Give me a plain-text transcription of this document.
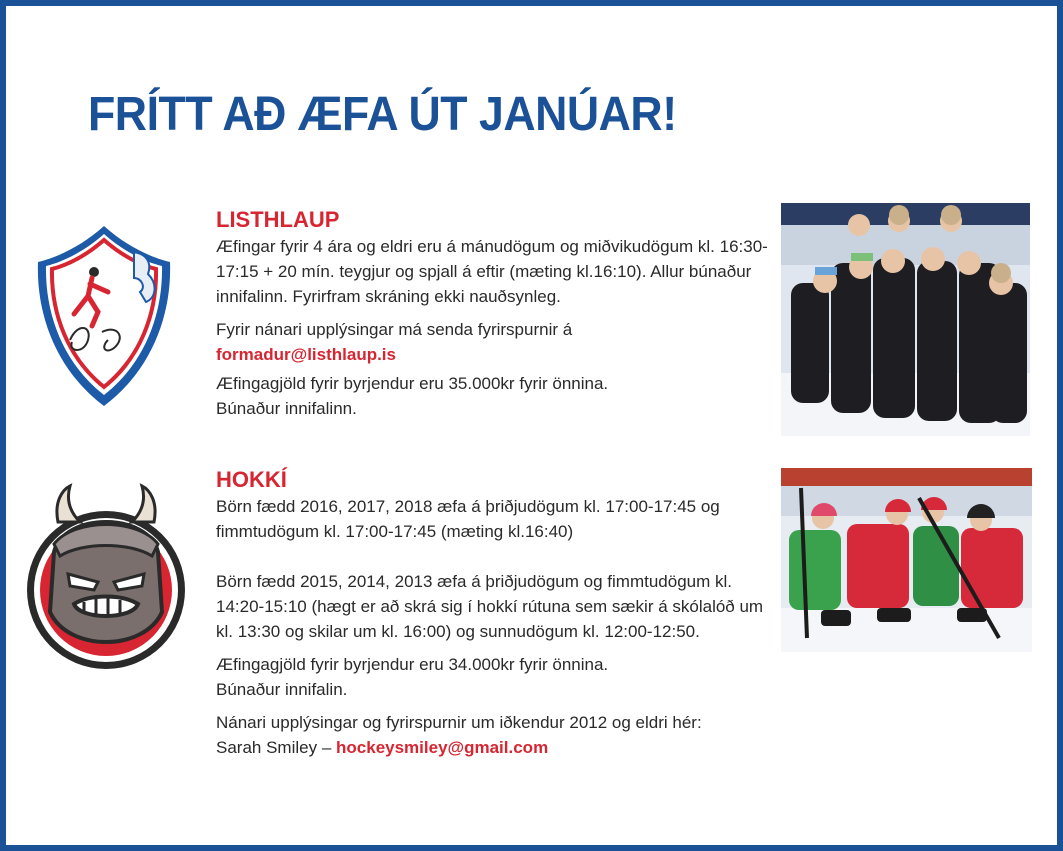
FRÍTT AÐ ÆFA ÚT JANÚAR!
LISTHLAUP

Æfingar fyrir 4 ára og eldri eru á mánudögum og miðvikudögum kl. 16:30-17:15 + 20 mín. teygjur og spjall á eftir (mæting kl.16:10). Allur búnaður innifalinn. Fyrirfram skráning ekki nauðsynleg.

Fyrir nánari upplýsingar má senda fyrirspurnir á
formadur@listhlaup.is

Æfingagjöld fyrir byrjendur eru 35.000kr fyrir önnina. Búnaður innifalinn.

HOKKÍ

Börn fædd 2016, 2017, 2018 æfa á þriðjudögum kl. 17:00-17:45 og fimmtudögum kl. 17:00-17:45 (mæting kl.16:40)

Börn fædd 2015, 2014, 2013 æfa á þriðjudögum og fimmtudögum kl. 14:20-15:10 (hægt er að skrá sig í hokkí rútuna sem sækir á skólalóð um kl. 13:30 og skilar um kl. 16:00) og sunnudögum kl. 12:00-12:50.

Æfingagjöld fyrir byrjendur eru 34.000kr fyrir önnina. Búnaður innifalin.

Nánari upplýsingar og fyrirspurnir um iðkendur 2012 og eldri hér:
Sarah Smiley – hockeysmiley@gmail.com
